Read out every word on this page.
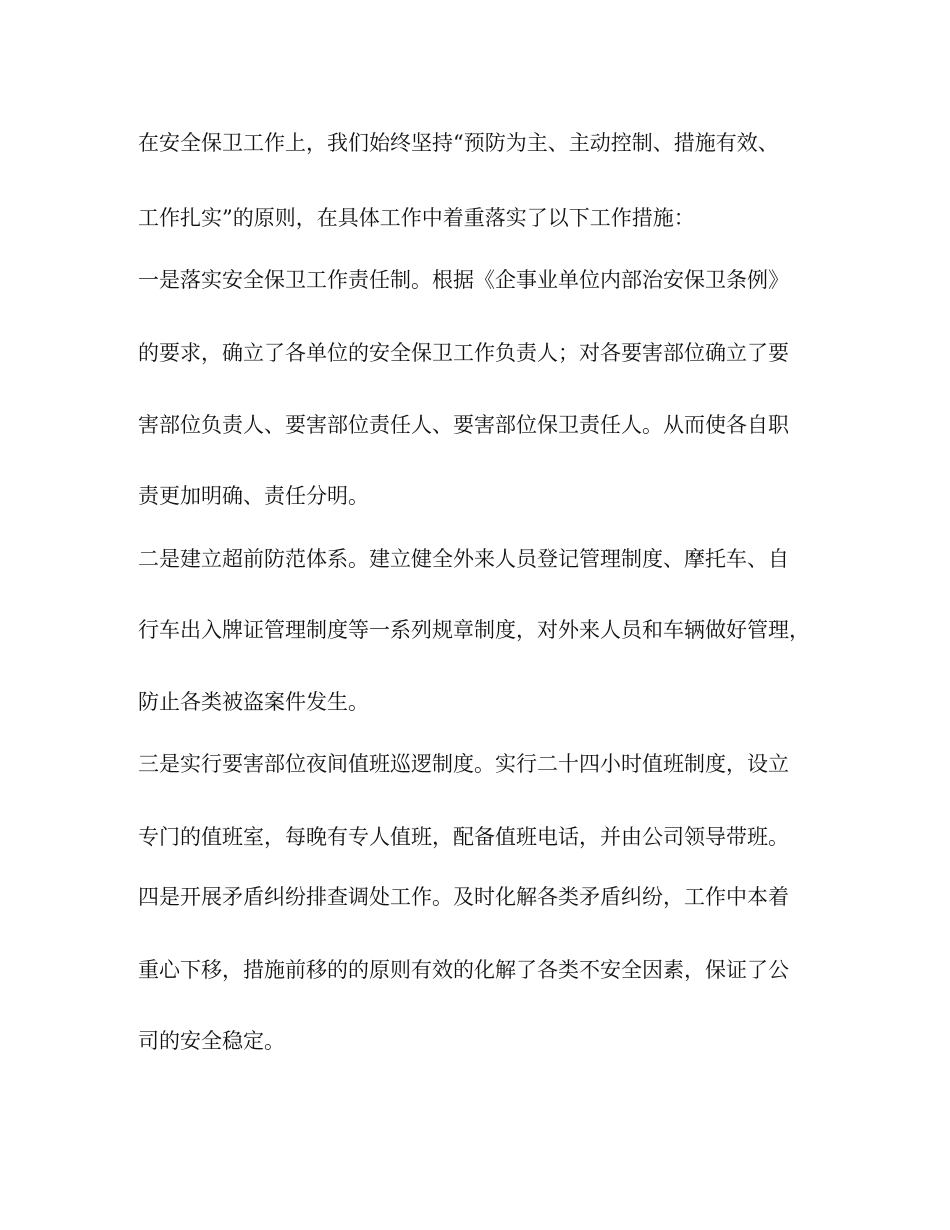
在安全保卫工作上，我们始终坚持“预防为主、主动控制、措施有效、
工作扎实”的原则，在具体工作中着重落实了以下工作措施：
一是落实安全保卫工作责任制。根据《企事业单位内部治安保卫条例》
的要求，确立了各单位的安全保卫工作负责人；对各要害部位确立了要
害部位负责人、要害部位责任人、要害部位保卫责任人。从而使各自职
责更加明确、责任分明。
二是建立超前防范体系。建立健全外来人员登记管理制度、摩托车、自
行车出入牌证管理制度等一系列规章制度，对外来人员和车辆做好管理，
防止各类被盗案件发生。
三是实行要害部位夜间值班巡逻制度。实行二十四小时值班制度，设立
专门的值班室，每晚有专人值班，配备值班电话，并由公司领导带班。
四是开展矛盾纠纷排查调处工作。及时化解各类矛盾纠纷，工作中本着
重心下移，措施前移的的原则有效的化解了各类不安全因素，保证了公
司的安全稳定。
